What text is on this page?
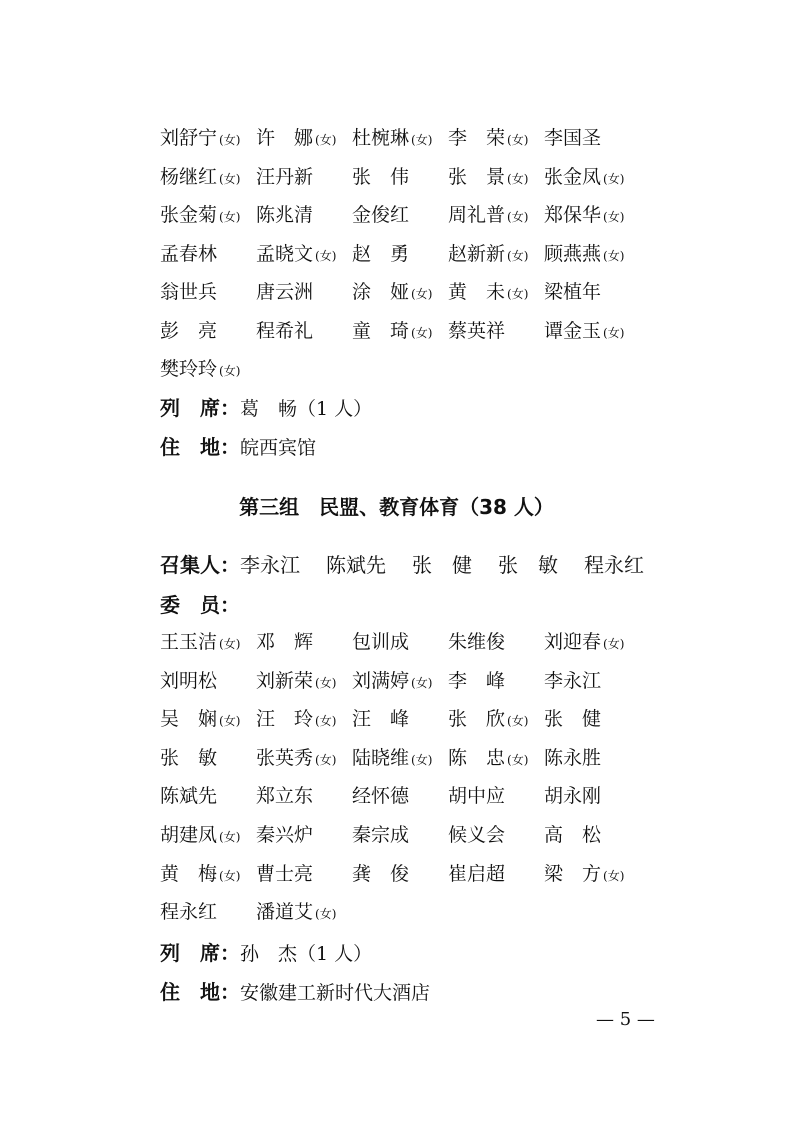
刘舒宁 (女) 许　娜 (女) 杜椀琳 (女) 李　荣 (女) 李国圣
杨继红 (女) 汪丹新 张　伟 张　景 (女) 张金凤 (女)
张金菊 (女) 陈兆清 金俊红 周礼普 (女) 郑保华 (女)
孟春林 孟晓文 (女) 赵　勇 赵新新 (女) 顾燕燕 (女)
翁世兵 唐云洲 涂　娅 (女) 黄　未 (女) 梁植年
彭　亮 程希礼 童　琦 (女) 蔡英祥 谭金玉 (女)
樊玲玲 (女)
列　席：葛　畅（1 人）
住　地：皖西宾馆
第三组　民盟、教育体育（38 人）
召集人：李永江 陈斌先 张　健 张　敏 程永红
委　员：
王玉洁 (女) 邓　辉 包训成 朱维俊 刘迎春 (女)
刘明松 刘新荣 (女) 刘满婷 (女) 李　峰 李永江
吴　娴 (女) 汪　玲 (女) 汪　峰 张　欣 (女) 张　健
张　敏 张英秀 (女) 陆晓维 (女) 陈　忠 (女) 陈永胜
陈斌先 郑立东 经怀德 胡中应 胡永刚
胡建凤 (女) 秦兴炉 秦宗成 候义会 高　松
黄　梅 (女) 曹士亮 龚　俊 崔启超 梁　方 (女)
程永红 潘道艾 (女)
列　席：孙　杰（1 人）
住　地：安徽建工新时代大酒店
— 5 —
